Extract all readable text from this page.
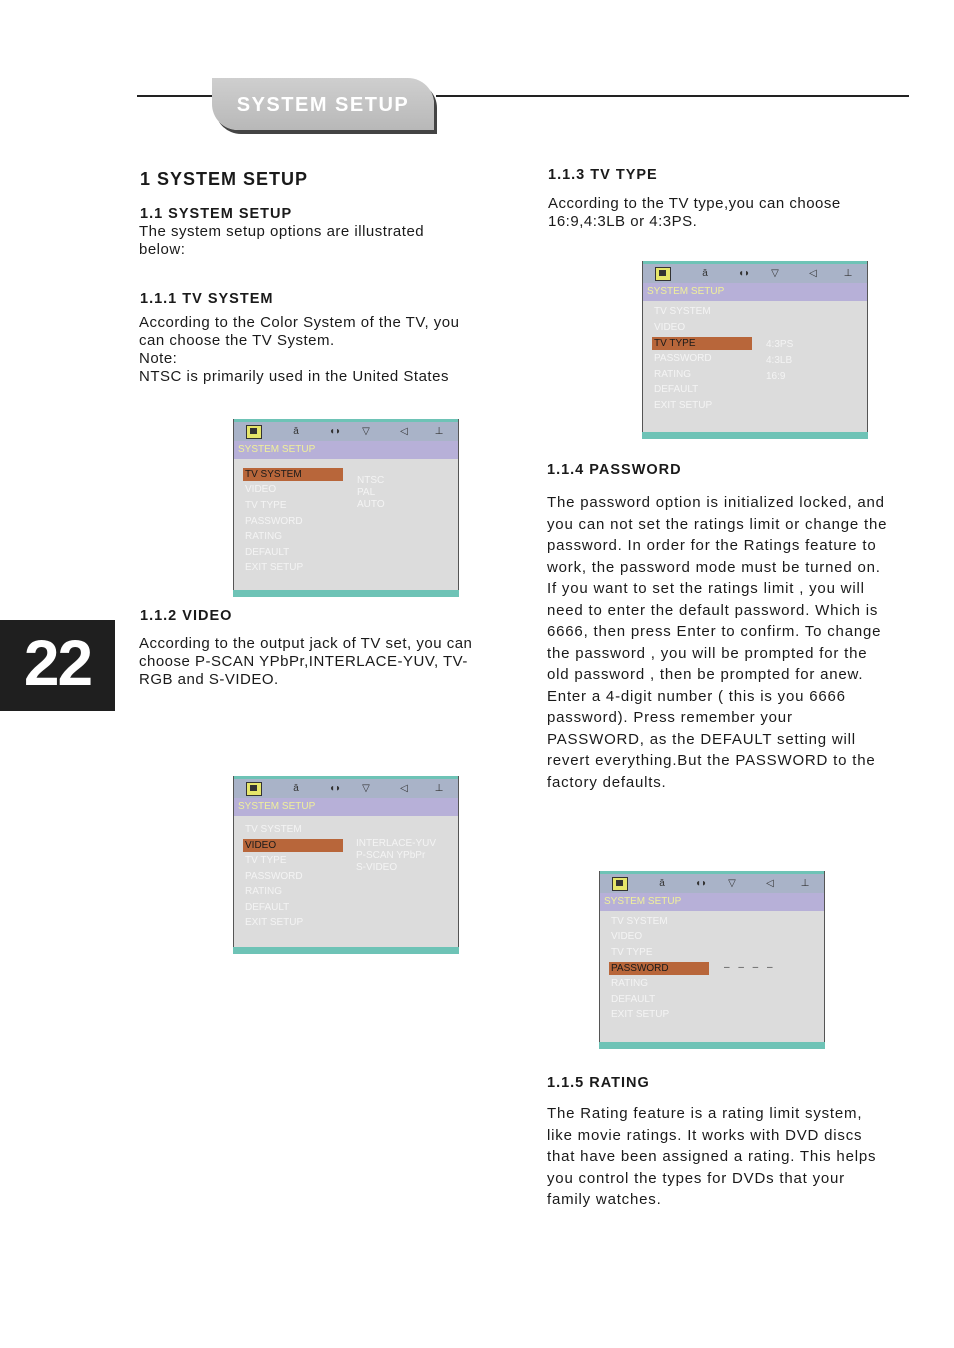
SYSTEM SETUP
22
1 SYSTEM SETUP
1.1 SYSTEM SETUP
The system setup options are illustrated
below:
1.1.1 TV SYSTEM
According to the Color System of the TV, you
can choose the TV System.
Note:
NTSC is primarily used in the United States
1.1.2 VIDEO
According to the output jack of TV set, you can
choose P-SCAN YPbPr,INTERLACE-YUV, TV-
RGB and S-VIDEO.
1.1.3 TV TYPE
According to the TV type,you can choose
16:9,4:3LB or 4:3PS.
1.1.4 PASSWORD
The password option is initialized locked, and
you can not set the ratings limit or change the
password. In order for the Ratings feature to
work, the password mode must be turned on.
If you want to set the ratings limit , you will
need to enter the default password. Which is
6666, then press Enter to confirm. To change
the password , you will be prompted for the
old password , then be prompted for anew.
Enter a 4-digit number ( this is you 6666
password). Press remember your
PASSWORD, as the DEFAULT setting will
revert everything.But the PASSWORD to the
factory defaults.
1.1.5 RATING
The Rating feature is a rating limit system,
like movie ratings. It works with DVD discs
that have been assigned a rating. This helps
you control the types for DVDs that your
family watches.
ā	◖◗	▽	◁	⊥
SYSTEM SETUP
TV SYSTEM
VIDEO
TV TYPE
PASSWORD
RATING
DEFAULT
EXIT SETUP
NTSC
PAL
AUTO
ā	◖◗	▽	◁	⊥
SYSTEM SETUP
TV SYSTEM
VIDEO
TV TYPE
PASSWORD
RATING
DEFAULT
EXIT SETUP
INTERLACE-YUV
P-SCAN YPbPr
S-VIDEO
ā	◖◗	▽	◁	⊥
SYSTEM SETUP
TV SYSTEM
VIDEO
TV TYPE
PASSWORD
RATING
DEFAULT
EXIT SETUP
4:3PS
4:3LB
16:9
ā	◖◗	▽	◁	⊥
SYSTEM SETUP
TV SYSTEM
VIDEO
TV TYPE
PASSWORD	– – – –
RATING
DEFAULT
EXIT SETUP
